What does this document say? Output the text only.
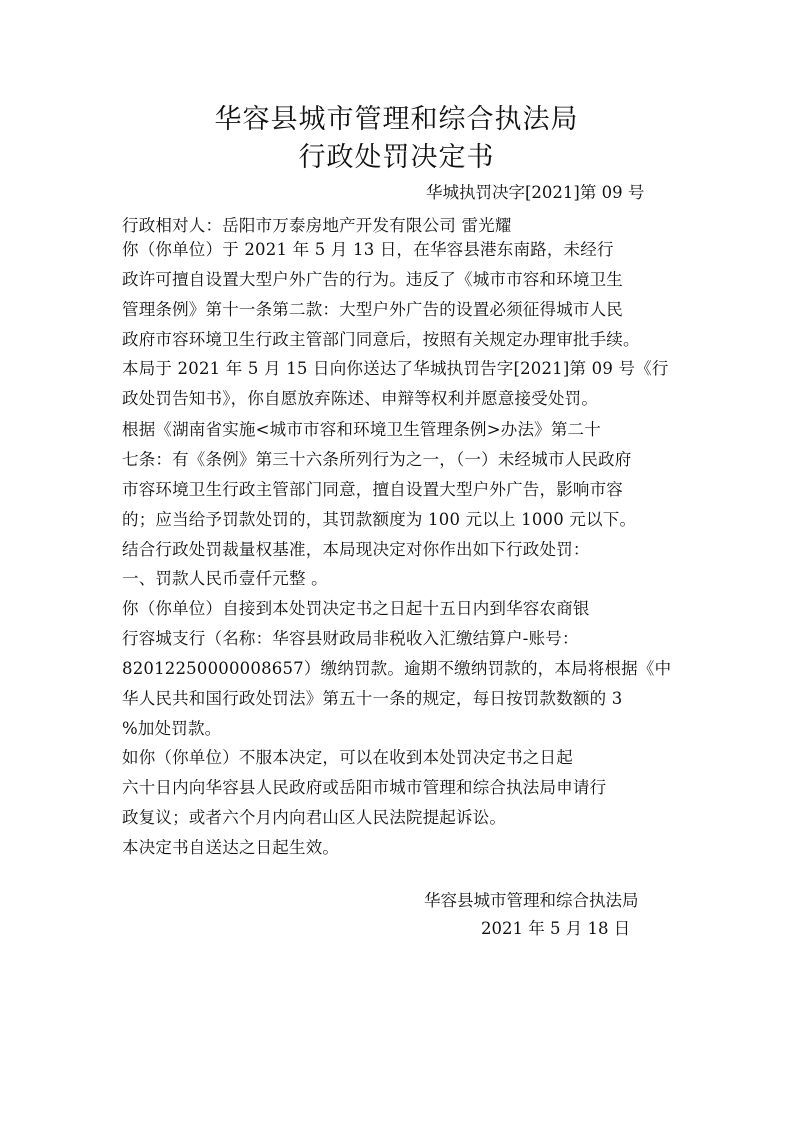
华容县城市管理和综合执法局
行政处罚决定书
华城执罚决字[2021]第 09 号
行政相对人：岳阳市万泰房地产开发有限公司 雷光耀
你（你单位）于 2021 年 5 月 13 日，在华容县港东南路，未经行
政许可擅自设置大型户外广告的行为。违反了《城市市容和环境卫生
管理条例》第十一条第二款：大型户外广告的设置必须征得城市人民
政府市容环境卫生行政主管部门同意后，按照有关规定办理审批手续。
本局于 2021 年 5 月 15 日向你送达了华城执罚告字[2021]第 09 号《行
政处罚告知书》，你自愿放弃陈述、申辩等权利并愿意接受处罚。
根据《湖南省实施<城市市容和环境卫生管理条例>办法》第二十
七条：有《条例》第三十六条所列行为之一，（一）未经城市人民政府
市容环境卫生行政主管部门同意，擅自设置大型户外广告，影响市容
的；应当给予罚款处罚的，其罚款额度为 100 元以上 1000 元以下。
结合行政处罚裁量权基准，本局现决定对你作出如下行政处罚：
一、罚款人民币壹仟元整 。
你（你单位）自接到本处罚决定书之日起十五日内到华容农商银
行容城支行（名称：华容县财政局非税收入汇缴结算户-账号：
82012250000008657）缴纳罚款。逾期不缴纳罚款的，本局将根据《中
华人民共和国行政处罚法》第五十一条的规定，每日按罚款数额的 3
%加处罚款。
如你（你单位）不服本决定，可以在收到本处罚决定书之日起
六十日内向华容县人民政府或岳阳市城市管理和综合执法局申请行
政复议；或者六个月内向君山区人民法院提起诉讼。
本决定书自送达之日起生效。
华容县城市管理和综合执法局
2021 年 5 月 18 日
